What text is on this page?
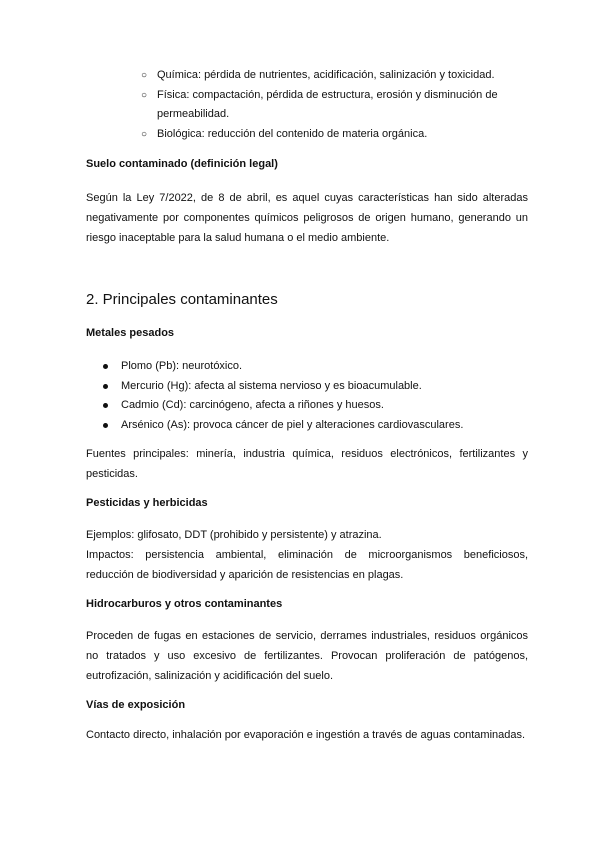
○ Química: pérdida de nutrientes, acidificación, salinización y toxicidad.
○ Física: compactación, pérdida de estructura, erosión y disminución de
permeabilidad.
○ Biológica: reducción del contenido de materia orgánica.
Suelo contaminado (definición legal)
Según la Ley 7/2022, de 8 de abril, es aquel cuyas características han sido alteradas
negativamente por componentes químicos peligrosos de origen humano, generando un
riesgo inaceptable para la salud humana o el medio ambiente.
2. Principales contaminantes
Metales pesados
Plomo (Pb): neurotóxico.
Mercurio (Hg): afecta al sistema nervioso y es bioacumulable.
Cadmio (Cd): carcinógeno, afecta a riñones y huesos.
Arsénico (As): provoca cáncer de piel y alteraciones cardiovasculares.
Fuentes principales: minería, industria química, residuos electrónicos, fertilizantes y
pesticidas.
Pesticidas y herbicidas
Ejemplos: glifosato, DDT (prohibido y persistente) y atrazina.
Impactos: persistencia ambiental, eliminación de microorganismos beneficiosos,
reducción de biodiversidad y aparición de resistencias en plagas.
Hidrocarburos y otros contaminantes
Proceden de fugas en estaciones de servicio, derrames industriales, residuos orgánicos
no tratados y uso excesivo de fertilizantes. Provocan proliferación de patógenos,
eutrofización, salinización y acidificación del suelo.
Vías de exposición
Contacto directo, inhalación por evaporación e ingestión a través de aguas contaminadas.
